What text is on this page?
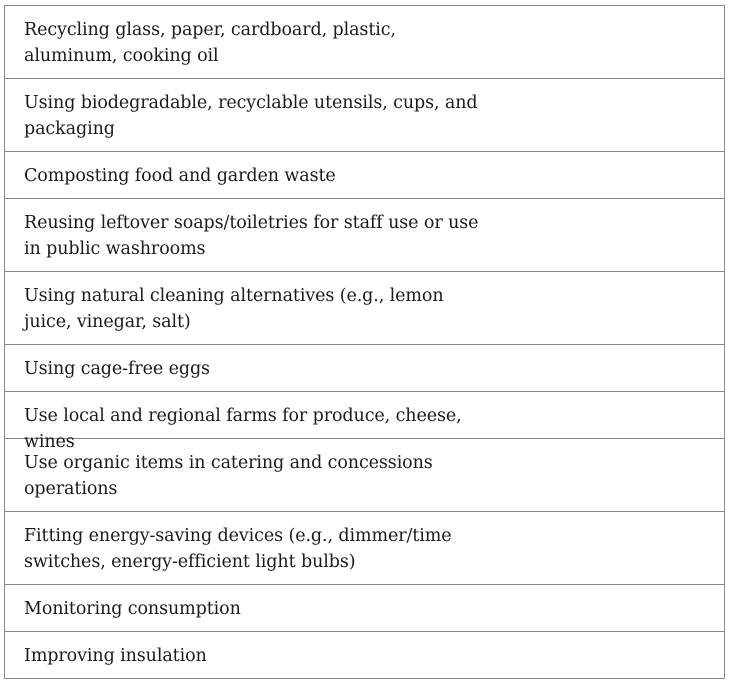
Recycling glass, paper, cardboard, plastic, aluminum, cooking oil
Using biodegradable, recyclable utensils, cups, and packaging
Composting food and garden waste
Reusing leftover soaps/toiletries for staff use or use in public washrooms
Using natural cleaning alternatives (e.g., lemon juice, vinegar, salt)
Using cage-free eggs
Use local and regional farms for produce, cheese, wines
Use organic items in catering and concessions operations
Fitting energy-saving devices (e.g., dimmer/time switches, energy-efficient light bulbs)
Monitoring consumption
Improving insulation
